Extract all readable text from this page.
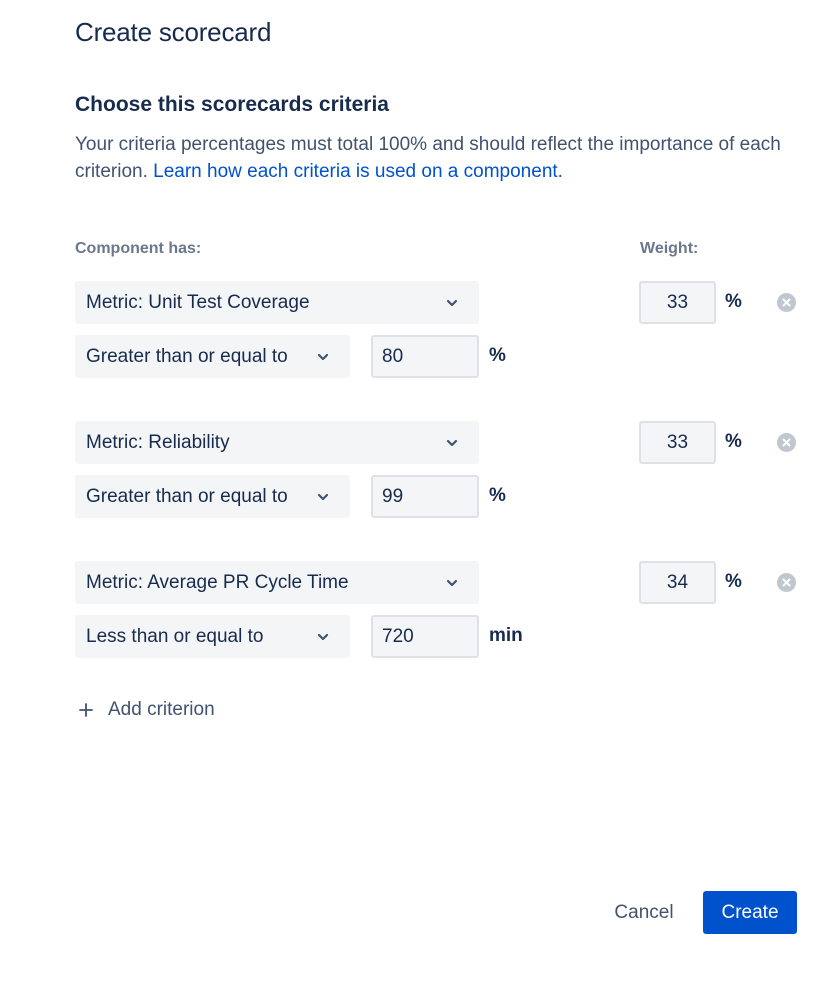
Create scorecard
Choose this scorecards criteria
Your criteria percentages must total 100% and should reflect the importance of each criterion. Learn how each criteria is used on a component.
Component has:	Weight:
Metric: Unit Test Coverage	33 %
Greater than or equal to	80	%
Metric: Reliability	33 %
Greater than or equal to	99	%
Metric: Average PR Cycle Time	34 %
Less than or equal to	720	min
Add criterion
Cancel	Create
